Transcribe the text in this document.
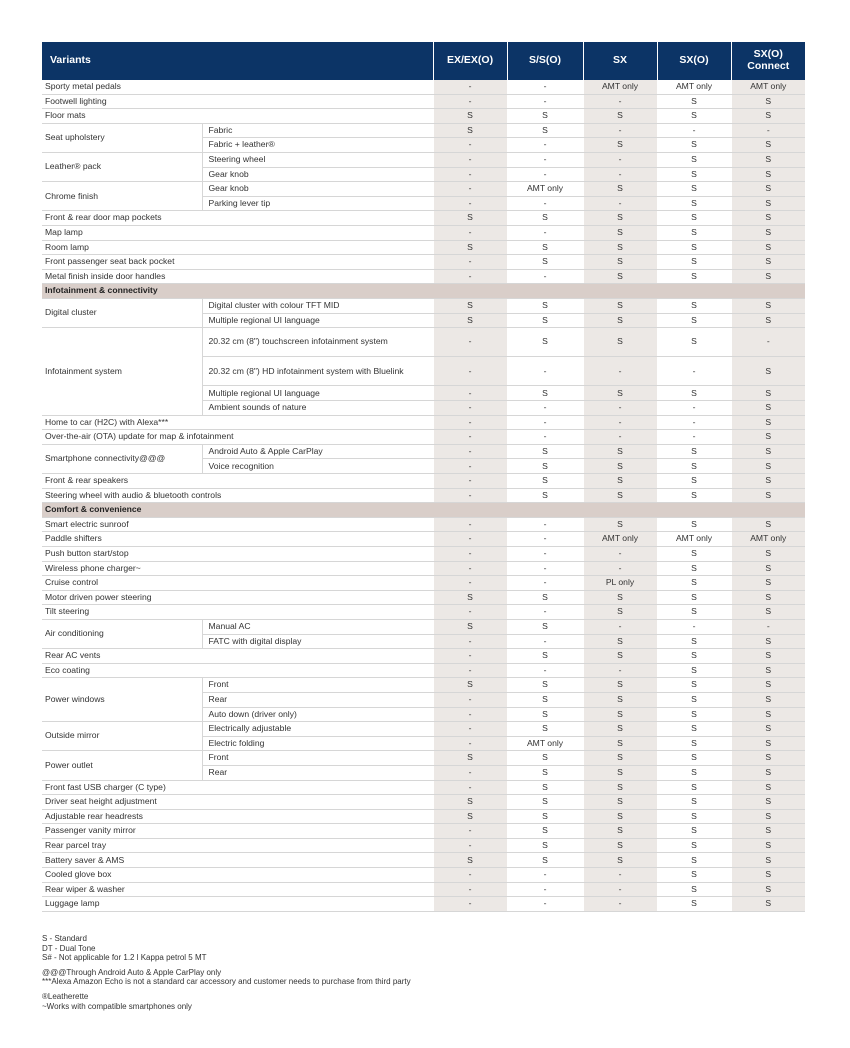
Variants		EX/EX(O)	S/S(O)	SX	SX(O)	SX(O)
Connect
Sporty metal pedals		-	-	AMT only	AMT only	AMT only
Footwell lighting		-	-	-	S	S
Floor mats		S	S	S	S	S
Seat upholstery	Fabric	S	S	-	-	-
	Fabric + leather®	-	-	S	S	S
Leather® pack	Steering wheel	-	-	-	S	S
	Gear knob	-	-	-	S	S
Chrome finish	Gear knob	-	AMT only	S	S	S
	Parking lever tip	-	-	-	S	S
Front & rear door map pockets		S	S	S	S	S
Map lamp		-	-	S	S	S
Room lamp		S	S	S	S	S
Front passenger seat back pocket		-	S	S	S	S
Metal finish inside door handles		-	-	S	S	S
Infotainment & connectivity						
Digital cluster	Digital cluster with colour TFT MID	S	S	S	S	S
	Multiple regional UI language	S	S	S	S	S
Infotainment system	20.32 cm (8") touchscreen infotainment system	-	S	S	S	-
	20.32 cm (8") HD infotainment system with Bluelink	-	-	-	-	S
	Multiple regional UI language	-	S	S	S	S
	Ambient sounds of nature	-	-	-	-	S
Home to car (H2C) with Alexa***		-	-	-	-	S
Over-the-air (OTA) update for map & infotainment		-	-	-	-	S
Smartphone connectivity@@@	Android Auto & Apple CarPlay	-	S	S	S	S
	Voice recognition	-	S	S	S	S
Front & rear speakers		-	S	S	S	S
Steering wheel with audio & bluetooth controls		-	S	S	S	S
Comfort & convenience						
Smart electric sunroof		-	-	S	S	S
Paddle shifters		-	-	AMT only	AMT only	AMT only
Push button start/stop		-	-	-	S	S
Wireless phone charger~		-	-	-	S	S
Cruise control		-	-	PL only	S	S
Motor driven power steering		S	S	S	S	S
Tilt steering		-	-	S	S	S
Air conditioning	Manual AC	S	S	-	-	-
	FATC with digital display	-	-	S	S	S
Rear AC vents		-	S	S	S	S
Eco coating		-	-	-	S	S
Power windows	Front	S	S	S	S	S
	Rear	-	S	S	S	S
	Auto down (driver only)	-	S	S	S	S
Outside mirror	Electrically adjustable	-	S	S	S	S
	Electric folding	-	AMT only	S	S	S
Power outlet	Front	S	S	S	S	S
	Rear	-	S	S	S	S
Front fast USB charger (C type)		-	S	S	S	S
Driver seat height adjustment		S	S	S	S	S
Adjustable rear headrests		S	S	S	S	S
Passenger vanity mirror		-	S	S	S	S
Rear parcel tray		-	S	S	S	S
Battery saver & AMS		S	S	S	S	S
Cooled glove box		-	-	-	S	S
Rear wiper & washer		-	-	-	S	S
Luggage lamp		-	-	-	S	S
S - Standard
DT - Dual Tone
S# - Not applicable for 1.2 l Kappa petrol 5 MT
@@@Through Android Auto & Apple CarPlay only
***Alexa Amazon Echo is not a standard car accessory and customer needs to purchase from third party
®Leatherette
~Works with compatible smartphones only
